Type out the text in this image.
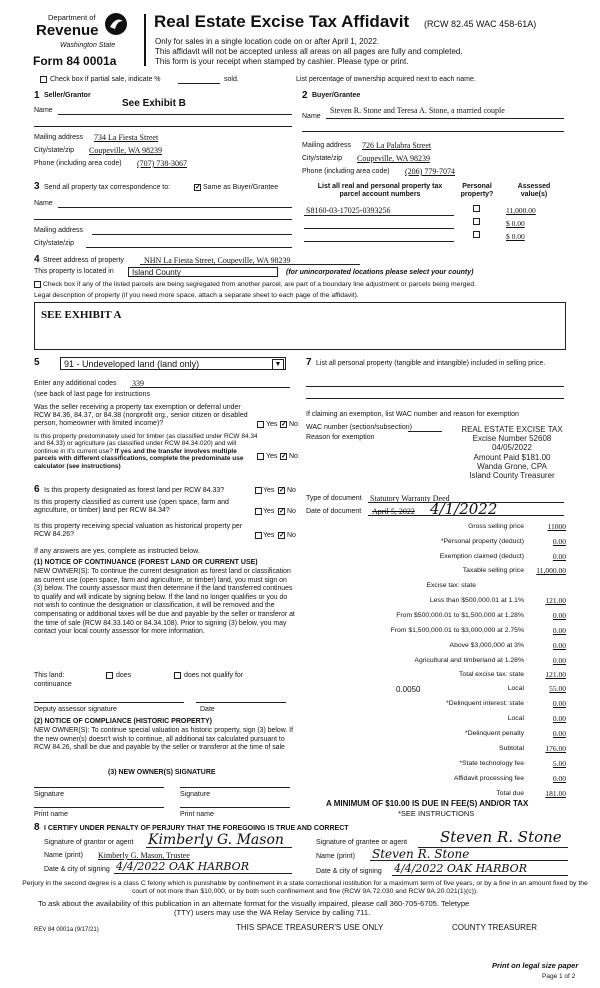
Department of
Revenue
Washington State
Form 84 0001a
Real Estate Excise Tax Affidavit (RCW 82.45 WAC 458-61A)
Only for sales in a single location code on or after April 1, 2022.
This affidavit will not be accepted unless all areas on all pages are fully and completed.
This form is your receipt when stamped by cashier. Please type or print.
Check box if partial sale, indicate %	sold.	List percentage of ownership acquired next to each name.
1 Seller/Grantor
Name
See Exhibit B
Mailing address 734 La Fiesta Street
City/state/zip Coupeville, WA 98239
Phone (including area code) (707) 738-3067
2 Buyer/Grantee
Name
Steven R. Stone and Teresa A. Stone, a married couple
Mailing address 726 La Palabra Street
City/state/zip Coupeville, WA 98239
Phone (including area code) (206) 779-7074
3 Send all property tax correspondence to:	✓ Same as Buyer/Grantee
Name
Mailing address
City/state/zip
List all real and personal property tax parcel account numbers
Personal property?
Assessed value(s)
S8160-03-17025-0393256	11,000.00
$ 0.00
$ 0.00
4 Street address of property	NHN La Fiesta Street, Coupeville, WA 98239
This property is located in	Island County	(for unincorporated locations please select your county)
Check box if any of the listed parcels are being segregated from another parcel, are part of a boundary line adjustment or parcels being merged.
Legal description of property (if you need more space, attach a separate sheet to each page of the affidavit).
SEE EXHIBIT A
5	91 - Undeveloped land (land only)	▼
Enter any additional codes 339
(see back of last page for instructions
Was the seller receiving a property tax exemption or deferral under RCW 84.36, 84.37, or 84.38 (nonprofit org., senior citizen or disabled person, homeowner with limited income)?	Yes ✓ No
Is this property predominately used for timber (as classified under RCW 84.34 and 84.33) or agriculture (as classified under RCW 84.34.020) and will continue in it's current use? If yes and the transfer involves multiple parcels with different classifications, complete the predominate use calculator (see instructions)
Yes ✓ No
6 Is this property designated as forest land per RCW 84.33?	Yes ✓ No
Is this property classified as current use (open space, farm and agriculture, or timber) land per RCW 84.34?	Yes ✓ No
Is this property receiving special valuation as historical property per RCW 84.26?	Yes ✓ No
If any answers are yes, complete as instructed below.
(1) NOTICE OF CONTINUANCE (FOREST LAND OR CURRENT USE)
NEW OWNER(S): To continue the current designation as forest land or classification as current use (open space, farm and agriculture, or timber) land, you must sign on (3) below. The county assessor must then determine if the land transferred continues to qualify and will indicate by signing below. If the land no longer qualifies or you do not wish to continue the designation or classification, it will be removed and the compensating or additional taxes will be due and payable by the seller or transferor at the time of sale (RCW 84.33.140 or 84.34.108). Prior to signing (3) below, you may contact your local county assessor for more information.
This land:	does	does not qualify for
continuance
Deputy assessor signature	Date
(2) NOTICE OF COMPLIANCE (HISTORIC PROPERTY)
NEW OWNER(S): To continue special valuation as historic property, sign (3) below. If the new owner(s) doesn't wish to continue, all additional tax calculated pursuant to RCW 84.26, shall be due and payable by the seller or transferor at the time of sale
(3) NEW OWNER(S) SIGNATURE
Signature	Signature
Print name	Print name
7 List all personal property (tangible and intangible) included in selling price.
If claiming an exemption, list WAC number and reason for exemption
WAC number (section/subsection)
Reason for exemption
REAL ESTATE EXCISE TAX
Excise Number 52608
04/05/2022
Amount Paid $181.00
Wanda Grone, CPA
Island County Treasurer
Type of document Statutory Warranty Deed
Date of document April 5, 2022 4/1/2022
Gross selling price	11000
*Personal property (deduct)	0.00
Exemption claimed (deduct)	0.00
Taxable selling price	11,000.00
Excise tax: state
Less than $500,000.01 at 1.1%	121.00
From $500,000.01 to $1,500,000 at 1.28%	0.00
From $1,500,000.01 to $3,000,000 at 2.75%	0.00
Above $3,000,000 at 3%	0.00
Agricultural and timberland at 1.28%	0.00
Total excise tax: state	121.00
0.0050	Local	55.00
*Delinquent interest: state	0.00
Local	0.00
*Delinquent penalty	0.00
Subtotal	176.00
*State technology fee	5.00
Affidavit processing fee	0.00
Total due	181.00
A MINIMUM OF $10.00 IS DUE IN FEE(S) AND/OR TAX
*SEE INSTRUCTIONS
8 I CERTIFY UNDER PENALTY OF PERJURY THAT THE FOREGOING IS TRUE AND CORRECT
Signature of grantor or agent Kimberly G. Mason
Name (print) Kimberly G. Mason, Trustee
Date & city of signing 4/4/2022 OAK HARBOR
Signature of grantee or agent Steven R. Stone
Name (print) Steven R. Stone
Date & city of signing 4/4/2022 OAK HARBOR
Perjury in the second degree is a class C felony which is punishable by confinement in a state correctional institution for a maximum term of five years, or by a fine in an amount fixed by the court of not more than $10,000, or by both such confinement and fine (RCW 9A.72.030 and RCW 9A.20.021(1)(c)).
To ask about the availability of this publication in an alternate format for the visually impaired, please call 360-705-6705. Teletype
(TTY) users may use the WA Relay Service by calling 711.
REV 84 0001a (9/17/21)	THIS SPACE TREASURER'S USE ONLY	COUNTY TREASURER
Print on legal size paper
Page 1 of 2
